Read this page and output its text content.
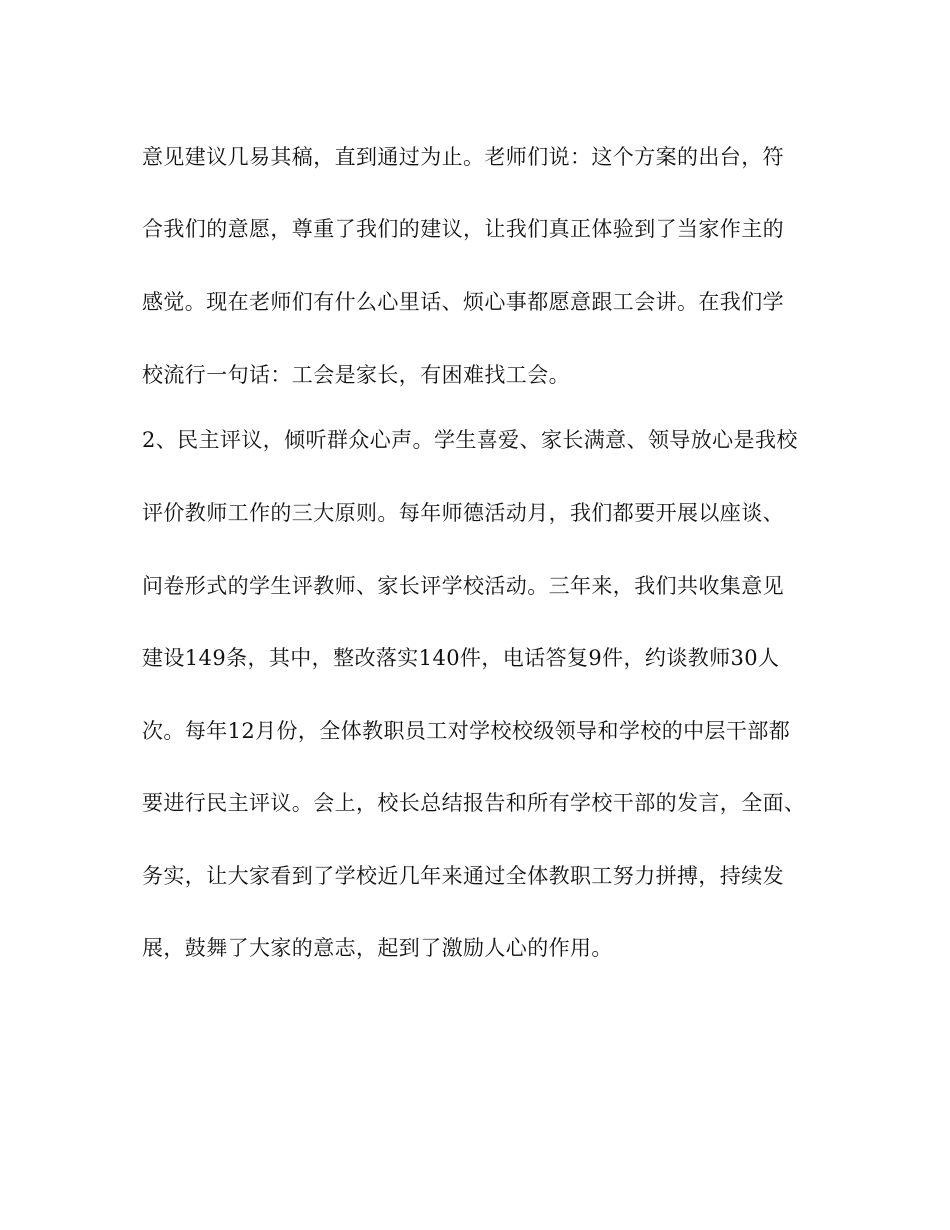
意见建议几易其稿，直到通过为止。老师们说：这个方案的出台，符
合我们的意愿，尊重了我们的建议，让我们真正体验到了当家作主的
感觉。现在老师们有什么心里话、烦心事都愿意跟工会讲。在我们学
校流行一句话：工会是家长，有困难找工会。
2、民主评议，倾听群众心声。学生喜爱、家长满意、领导放心是我校
评价教师工作的三大原则。每年师德活动月，我们都要开展以座谈、
问卷形式的学生评教师、家长评学校活动。三年来，我们共收集意见
建设149条，其中，整改落实140件，电话答复9件，约谈教师30人
次。每年12月份，全体教职员工对学校校级领导和学校的中层干部都
要进行民主评议。会上，校长总结报告和所有学校干部的发言，全面、
务实，让大家看到了学校近几年来通过全体教职工努力拼搏，持续发
展，鼓舞了大家的意志，起到了激励人心的作用。
